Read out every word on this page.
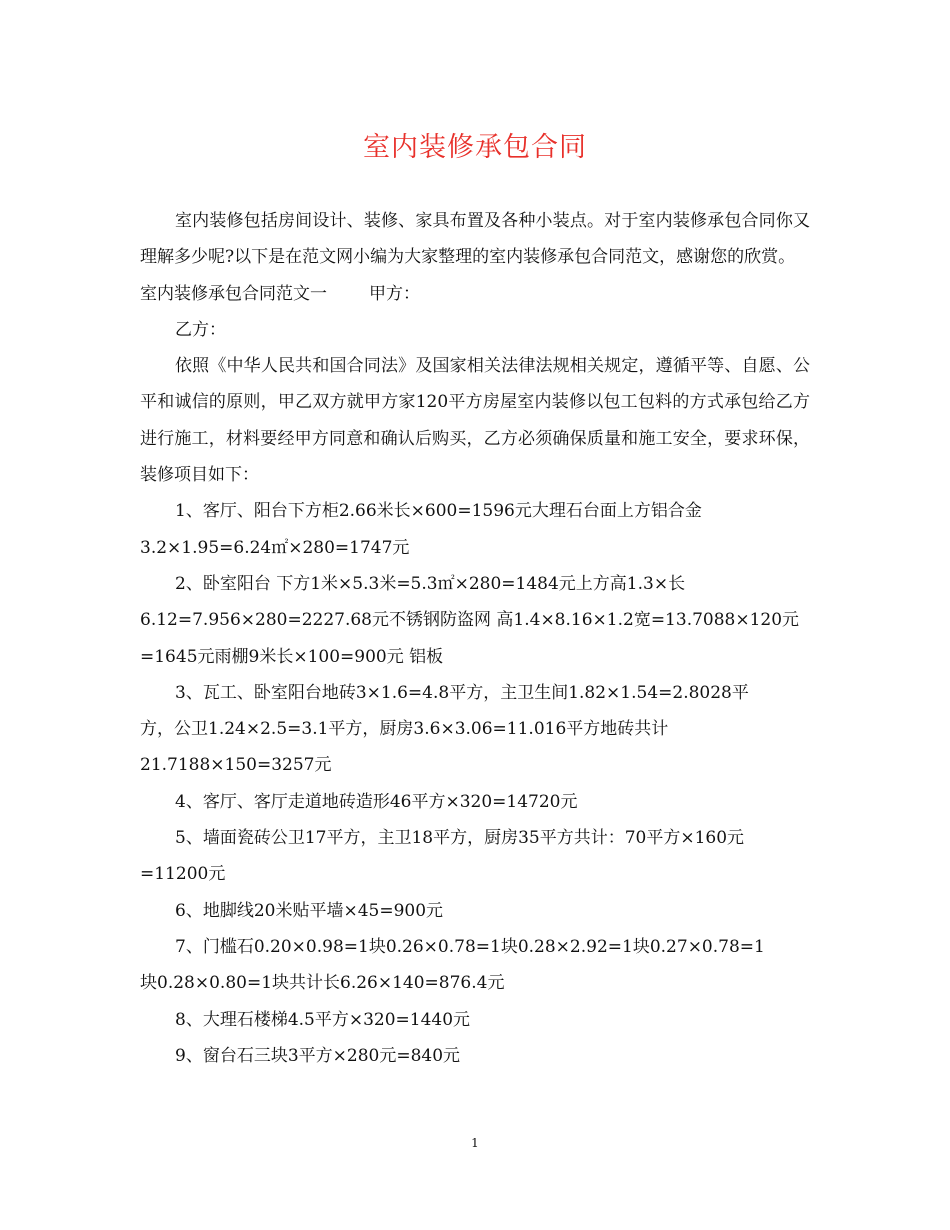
室内装修承包合同

室内装修包括房间设计、装修、家具布置及各种小装点。对于室内装修承包合同你又理解多少呢?以下是在范文网小编为大家整理的室内装修承包合同范文，感谢您的欣赏。

室内装修承包合同范文一 甲方：

乙方：

依照《中华人民共和国合同法》及国家相关法律法规相关规定，遵循平等、自愿、公平和诚信的原则，甲乙双方就甲方家120平方房屋室内装修以包工包料的方式承包给乙方进行施工，材料要经甲方同意和确认后购买，乙方必须确保质量和施工安全，要求环保，装修项目如下：

1、客厅、阳台下方柜2.66米长×600=1596元大理石台面上方铝合金
3.2×1.95=6.24㎡×280=1747元
2、卧室阳台 下方1米×5.3米=5.3㎡×280=1484元上方高1.3×长
6.12=7.956×280=2227.68元不锈钢防盗网 高1.4×8.16×1.2宽=13.7088×120元
=1645元雨棚9米长×100=900元 铝板
3、瓦工、卧室阳台地砖3×1.6=4.8平方，主卫生间1.82×1.54=2.8028平
方，公卫1.24×2.5=3.1平方，厨房3.6×3.06=11.016平方地砖共计
21.7188×150=3257元
4、客厅、客厅走道地砖造形46平方×320=14720元
5、墙面瓷砖公卫17平方，主卫18平方，厨房35平方共计：70平方×160元
=11200元
6、地脚线20米贴平墙×45=900元
7、门槛石0.20×0.98=1块0.26×0.78=1块0.28×2.92=1块0.27×0.78=1
块0.28×0.80=1块共计长6.26×140=876.4元
8、大理石楼梯4.5平方×320=1440元
9、窗台石三块3平方×280元=840元
1
